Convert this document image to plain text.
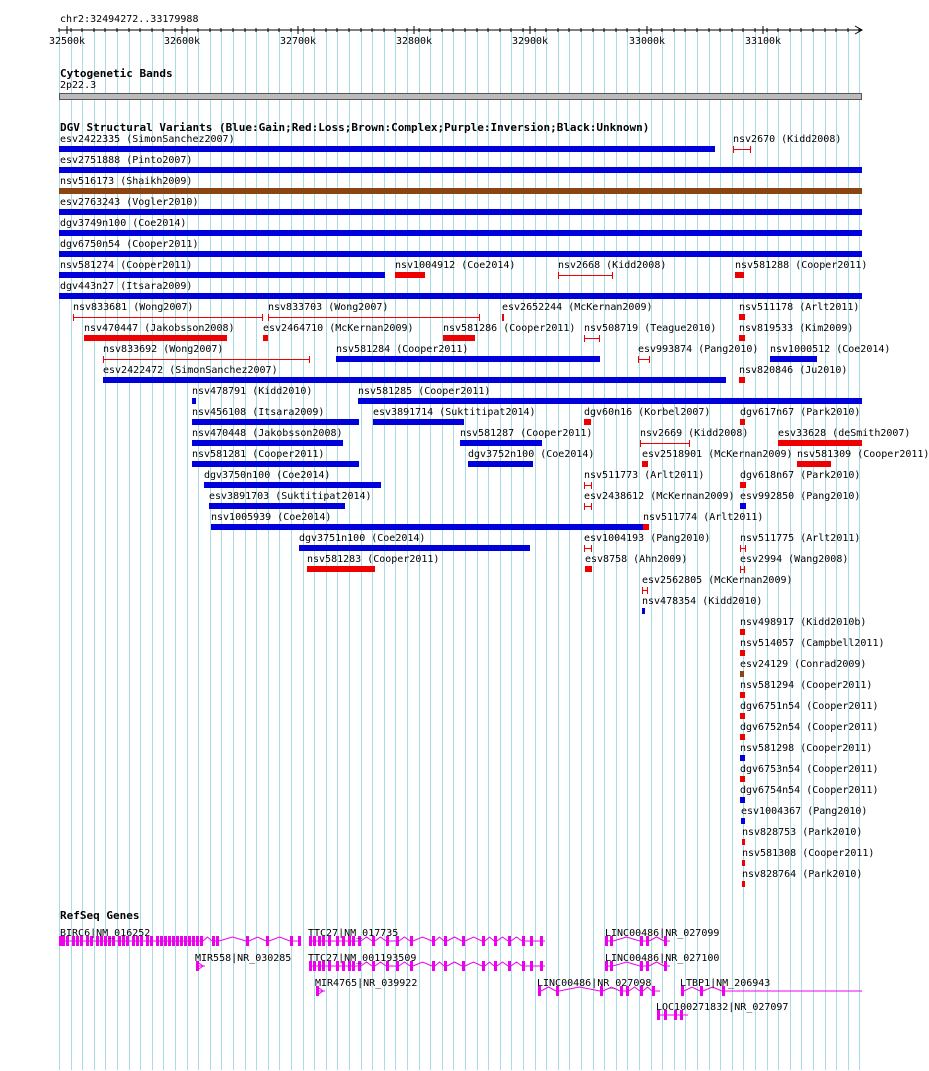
chr2:32494272..33179988
32500k	32600k	32700k	32800k	32900k	33000k	33100k
Cytogenetic Bands
2p22.3
DGV Structural Variants (Blue:Gain;Red:Loss;Brown:Complex;Purple:Inversion;Black:Unknown)
esv2422335 (SimonSanchez2007)	nsv2670 (Kidd2008)
esv2751888 (Pinto2007)
nsv516173 (Shaikh2009)
esv2763243 (Vogler2010)
dgv3749n100 (Coe2014)
dgv6750n54 (Cooper2011)
nsv581274 (Cooper2011)	nsv1004912 (Coe2014)	nsv2668 (Kidd2008)	nsv581288 (Cooper2011)
dgv443n27 (Itsara2009)
nsv833681 (Wong2007)	nsv833703 (Wong2007)	esv2652244 (McKernan2009)	nsv511178 (Arlt2011)
nsv470447 (Jakobsson2008)	esv2464710 (McKernan2009)	nsv581286 (Cooper2011) nsv508719 (Teague2010) nsv819533 (Kim2009)
nsv833692 (Wong2007)	nsv581284 (Cooper2011)	esv993874 (Pang2010) nsv1000512 (Coe2014)
esv2422472 (SimonSanchez2007)	nsv820846 (Ju2010)
nsv478791 (Kidd2010)	nsv581285 (Cooper2011)
nsv456108 (Itsara2009)	esv3891714 (Suktitipat2014)	dgv60n16 (Korbel2007)	dgv617n67 (Park2010)
nsv470448 (Jakobsson2008)	nsv581287 (Cooper2011)	nsv2669 (Kidd2008)	esv33628 (deSmith2007)
nsv581281 (Cooper2011)	dgv3752n100 (Coe2014)	esv2518901 (McKernan2009) nsv581309 (Cooper2011)
dgv3750n100 (Coe2014)	nsv511773 (Arlt2011)	dgv618n67 (Park2010)
esv3891703 (Suktitipat2014)	esv2438612 (McKernan2009) esv992850 (Pang2010)
nsv1005939 (Coe2014)	nsv511774 (Arlt2011)
dgv3751n100 (Coe2014)	esv1004193 (Pang2010)	nsv511775 (Arlt2011)
nsv581283 (Cooper2011)	esv8758 (Ahn2009)	esv2994 (Wang2008)
esv2562805 (McKernan2009)
nsv478354 (Kidd2010)
nsv498917 (Kidd2010b)
nsv514057 (Campbell2011)
esv24129 (Conrad2009)
nsv581294 (Cooper2011)
dgv6751n54 (Cooper2011)
dgv6752n54 (Cooper2011)
nsv581298 (Cooper2011)
dgv6753n54 (Cooper2011)
dgv6754n54 (Cooper2011)
esv1004367 (Pang2010)
nsv828753 (Park2010)
nsv581308 (Cooper2011)
nsv828764 (Park2010)
RefSeq Genes
BIRC6|NM_016252
MIR558|NR_030285
TTC27|NM_017735
TTC27|NM_001193509
MIR4765|NR_039922
LINC00486|NR_027099
LINC00486|NR_027100
LINC00486|NR_027098	LTBP1|NM_206943
LOC100271832|NR_027097
